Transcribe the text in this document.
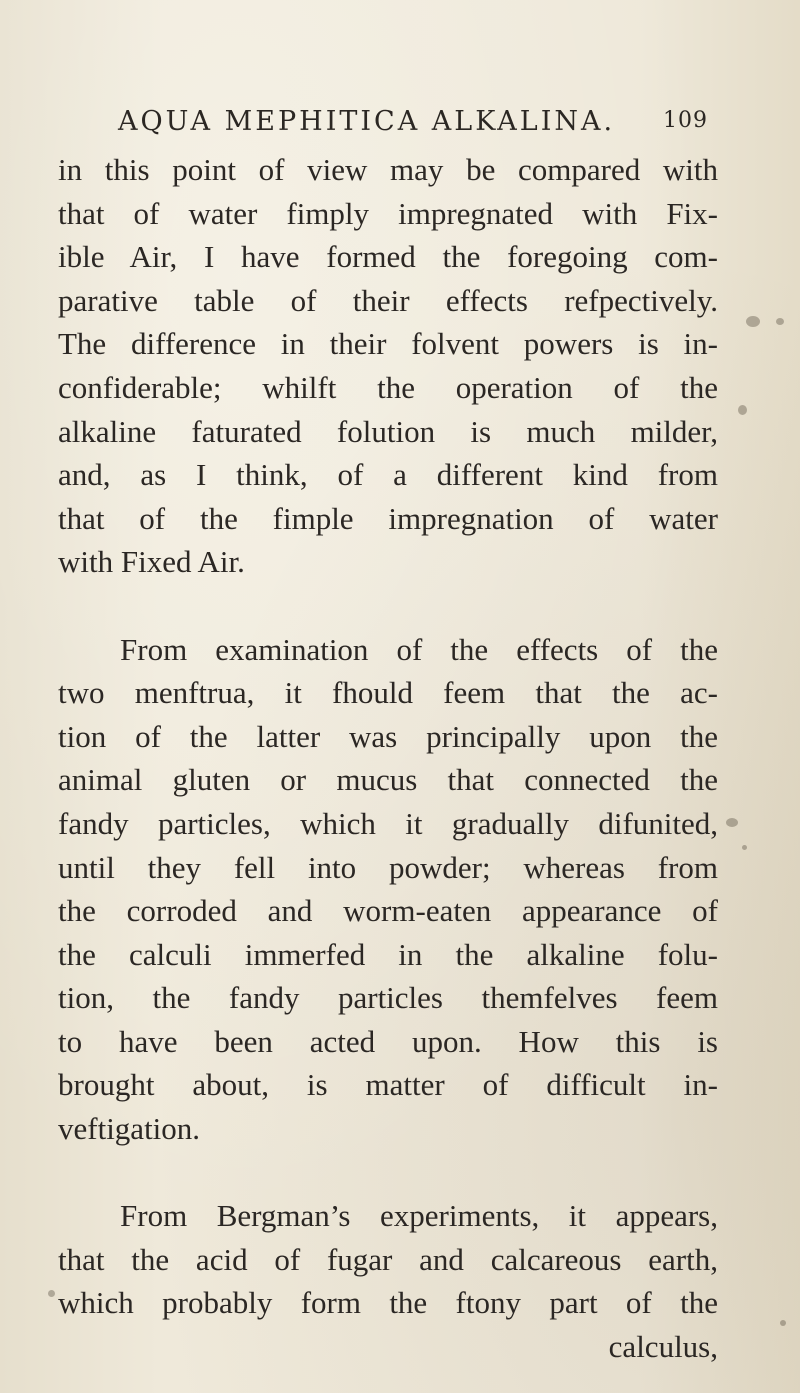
AQUA MEPHITICA ALKALINA. 109
in this point of view may be compared with
that of water fimply impregnated with Fix-
ible Air, I have formed the foregoing com-
parative table of their effects refpectively.
The difference in their folvent powers is in-
confiderable; whilft the operation of the
alkaline faturated folution is much milder,
and, as I think, of a different kind from
that of the fimple impregnation of water
with Fixed Air.
From examination of the effects of the
two menftrua, it fhould feem that the ac-
tion of the latter was principally upon the
animal gluten or mucus that connected the
fandy particles, which it gradually difunited,
until they fell into powder; whereas from
the corroded and worm-eaten appearance of
the calculi immerfed in the alkaline folu-
tion, the fandy particles themfelves feem
to have been acted upon. How this is
brought about, is matter of difficult in-
veftigation.
From Bergman’s experiments, it appears,
that the acid of fugar and calcareous earth,
which probably form the ftony part of the
calculus,
